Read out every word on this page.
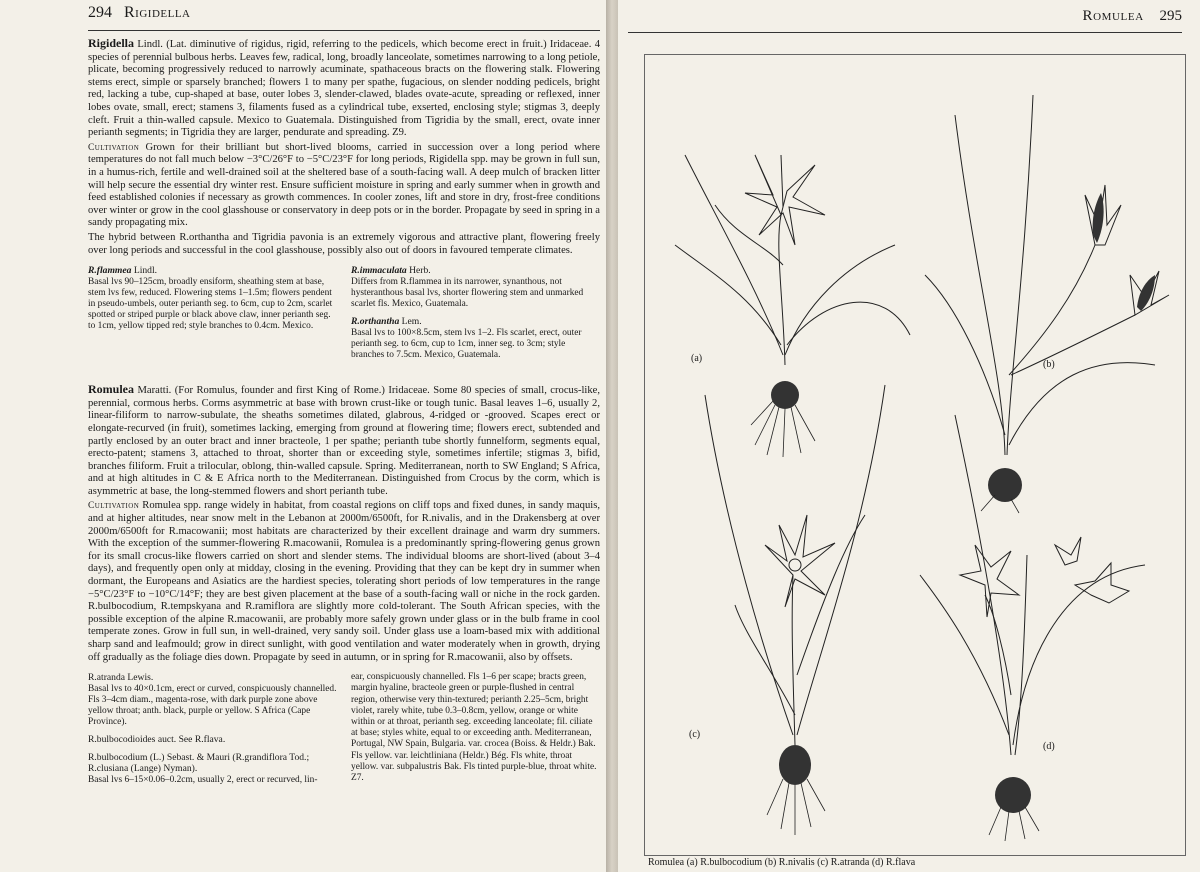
294 Rigidella

Rigidella Lindl. (Lat. diminutive of rigidus, rigid, referring to the pedicels, which become erect in fruit.) Iridaceae. 4 species of perennial bulbous herbs. Leaves few, radical, long, broadly lanceolate, sometimes narrowing to a long petiole, plicate, becoming progressively reduced to narrowly acuminate, spathaceous bracts on the flowering stalk. Flowering stems erect, simple or sparsely branched; flowers 1 to many per spathe, fugacious, on slender nodding pedicels, bright red, lacking a tube, cup-shaped at base, outer lobes 3, slender-clawed, blades ovate-acute, spreading or reflexed, inner lobes ovate, small, erect; stamens 3, filaments fused as a cylindrical tube, exserted, enclosing style; stigmas 3, deeply cleft. Fruit a thin-walled capsule. Mexico to Guatemala. Distinguished from Tigridia by the small, erect, ovate inner perianth segments; in Tigridia they are larger, pendurate and spreading. Z9.

Cultivation Grown for their brilliant but short-lived blooms, carried in succession over a long period where temperatures do not fall much below −3°C/26°F to −5°C/23°F for long periods, Rigidella spp. may be grown in full sun, in a humus-rich, fertile and well-drained soil at the sheltered base of a south-facing wall. A deep mulch of bracken litter will help secure the essential dry winter rest. Ensure sufficient moisture in spring and early summer when in growth and feed established colonies if necessary as growth commences. In cooler zones, lift and store in dry, frost-free conditions over winter or grow in the cool glasshouse or conservatory in deep pots or in the border. Propagate by seed in spring in a sandy propagating mix.

The hybrid between R.orthantha and Tigridia pavonia is an extremely vigorous and attractive plant, flowering freely over long periods and successful in the cool glasshouse, possibly also out of doors in favoured temperate climates.

R.flammea Lindl.

Basal lvs 90–125cm, broadly ensiform, sheathing stem at base, stem lvs few, reduced. Flowering stems 1–1.5m; flowers pendent in pseudo-umbels, outer perianth seg. to 6cm, cup to 2cm, scarlet spotted or striped purple or black above claw, inner perianth seg. to 1cm, yellow tipped red; style branches to 0.4cm. Mexico.

R.immaculata Herb.

Differs from R.flammea in its narrower, synanthous, not hysteranthous basal lvs, shorter flowering stem and unmarked scarlet fls. Mexico, Guatemala.

R.orthantha Lem.

Basal lvs to 100×8.5cm, stem lvs 1–2. Fls scarlet, erect, outer perianth seg. to 6cm, cup to 1cm, inner seg. to 3cm; style branches to 7.5cm. Mexico, Guatemala.

Romulea Maratti. (For Romulus, founder and first King of Rome.) Iridaceae. Some 80 species of small, crocus-like, perennial, cormous herbs. Corms asymmetric at base with brown crust-like or tough tunic. Basal leaves 1–6, usually 2, linear-filiform to narrow-subulate, the sheaths sometimes dilated, glabrous, 4-ridged or -grooved. Scapes erect or elongate-recurved (in fruit), sometimes lacking, emerging from ground at flowering time; flowers erect, subtended and partly enclosed by an outer bract and inner bracteole, 1 per spathe; perianth tube shortly funnelform, segments equal, erecto-patent; stamens 3, attached to throat, shorter than or exceeding style, sometimes infertile; stigmas 3, bifid, branches filiform. Fruit a trilocular, oblong, thin-walled capsule. Spring. Mediterranean, north to SW England; S Africa, and at high altitudes in C & E Africa north to the Mediterranean. Distinguished from Crocus by the corm, which is asymmetric at base, the long-stemmed flowers and short perianth tube.

Cultivation Romulea spp. range widely in habitat, from coastal regions on cliff tops and fixed dunes, in sandy maquis, and at higher altitudes, near snow melt in the Lebanon at 2000m/6500ft, for R.nivalis, and in the Drakensberg at over 2000m/6500ft for R.macowanii; most habitats are characterized by their excellent drainage and warm dry summers. With the exception of the summer-flowering R.macowanii, Romulea is a predominantly spring-flowering genus grown for its small crocus-like flowers carried on short and slender stems. The individual blooms are short-lived (about 3–4 days), and frequently open only at midday, closing in the evening. Providing that they can be kept dry in summer when dormant, the Europeans and Asiatics are the hardiest species, tolerating short periods of low temperatures in the range −5°C/23°F to −10°C/14°F; they are best given placement at the base of a south-facing wall or niche in the rock garden. R.bulbocodium, R.tempskyana and R.ramiflora are slightly more cold-tolerant. The South African species, with the possible exception of the alpine R.macowanii, are probably more safely grown under glass or in the bulb frame in cool temperate zones. Grow in full sun, in well-drained, very sandy soil. Under glass use a loam-based mix with additional sharp sand and leafmould; grow in direct sunlight, with good ventilation and water moderately when in growth, drying off gradually as the foliage dies down. Propagate by seed in autumn, or in spring for R.macowanii, also by offsets.

R.atranda Lewis.

Basal lvs to 40×0.1cm, erect or curved, conspicuously channelled. Fls 3–4cm diam., magenta-rose, with dark purple zone above yellow throat; anth. black, purple or yellow. S Africa (Cape Province).

R.bulbocodioides auct. See R.flava.
R.bulbocodium (L.) Sebast. & Mauri (R.grandiflora Tod.; R.clusiana (Lange) Nyman).

Basal lvs 6–15×0.06–0.2cm, usually 2, erect or recurved, lin-

ear, conspicuously channelled. Fls 1–6 per scape; bracts green, margin hyaline, bracteole green or purple-flushed in central region, otherwise very thin-textured; perianth 2.25–5cm, bright violet, rarely white, tube 0.3–0.8cm, yellow, orange or white within or at throat, perianth seg. exceeding lanceolate; fil. ciliate at base; styles white, equal to or exceeding anth. Mediterranean, Portugal, NW Spain, Bulgaria. var. crocea (Boiss. & Heldr.) Bak. Fls yellow. var. leichtliniana (Heldr.) Bég. Fls white, throat yellow. var. subpalustris Bak. Fls tinted purple-blue, throat white. Z7.

Romulea 295
(a)
(b)
(c)
(d)
Romulea (a) R.bulbocodium (b) R.nivalis (c) R.atranda (d) R.flava
